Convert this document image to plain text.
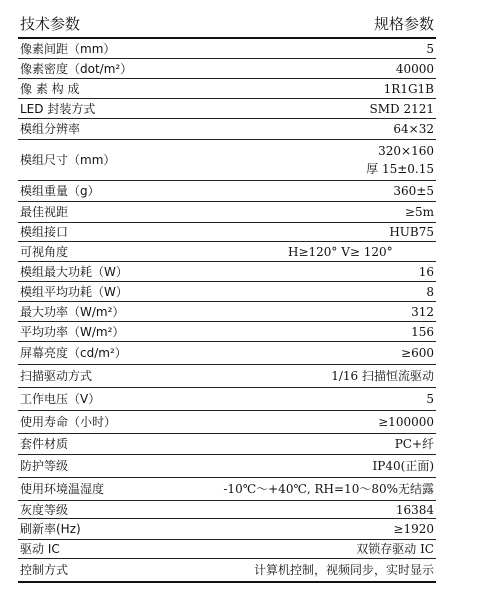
技术参数	规格参数
像素间距（mm）	5
像素密度（dot/m²）	40000
像 素 构 成	1R1G1B
LED 封装方式	SMD 2121
模组分辨率	64×32
模组尺寸（mm）	320×160
厚 15±0.15

模组重量（g）	360±5
最佳视距	≥5m
模组接口	HUB75
可视角度	H≥120° V≥ 120°
模组最大功耗（W）	16
模组平均功耗（W）	8
最大功率（W/m²）	312
平均功率（W/m²）	156
屏幕亮度（cd/m²）	≥600
扫描驱动方式	1/16 扫描恒流驱动
工作电压（V）	5
使用寿命（小时）	≥100000
套件材质	PC+纤
防护等级	IP40(正面)
使用环境温湿度	-10℃～+40℃, RH=10～80%无结露
灰度等级	16384
刷新率(Hz)	≥1920
驱动 IC	双锁存驱动 IC
控制方式	计算机控制，视频同步，实时显示
